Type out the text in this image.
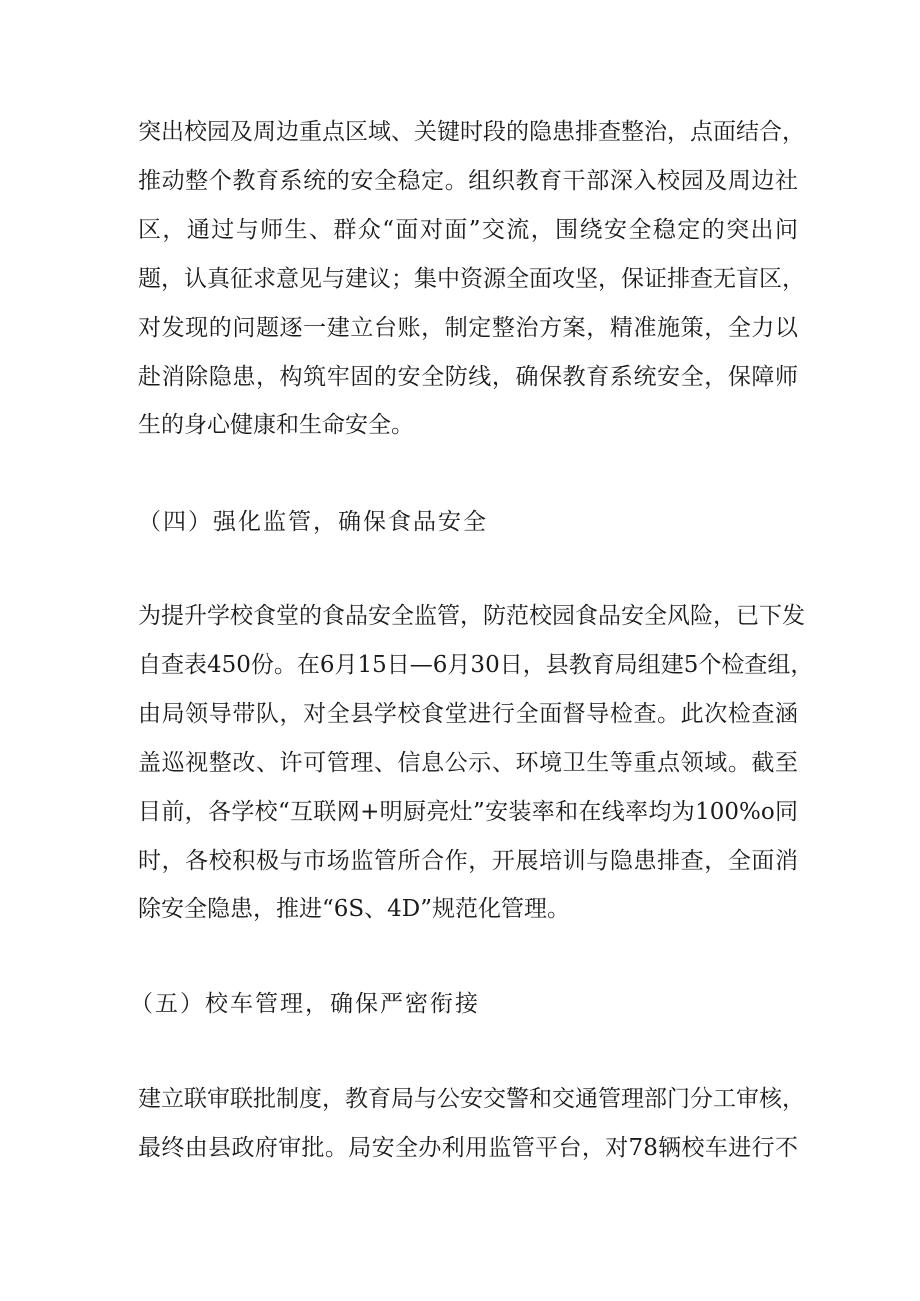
突出校园及周边重点区域、关键时段的隐患排查整治，点面结合，
推动整个教育系统的安全稳定。组织教育干部深入校园及周边社
区，通过与师生、群众“面对面”交流，围绕安全稳定的突出问
题，认真征求意见与建议；集中资源全面攻坚，保证排查无盲区，
对发现的问题逐一建立台账，制定整治方案，精准施策，全力以
赴消除隐患，构筑牢固的安全防线，确保教育系统安全，保障师
生的身心健康和生命安全。
（四）强化监管，确保食品安全
为提升学校食堂的食品安全监管，防范校园食品安全风险，已下发
自查表450份。在6月15日—6月30日，县教育局组建5个检查组，
由局领导带队，对全县学校食堂进行全面督导检查。此次检查涵
盖巡视整改、许可管理、信息公示、环境卫生等重点领域。截至
目前，各学校“互联网+明厨亮灶”安装率和在线率均为100%o同
时，各校积极与市场监管所合作，开展培训与隐患排查，全面消
除安全隐患，推进“6S、4D”规范化管理。
（五）校车管理，确保严密衔接
建立联审联批制度，教育局与公安交警和交通管理部门分工审核，
最终由县政府审批。局安全办利用监管平台，对78辆校车进行不
